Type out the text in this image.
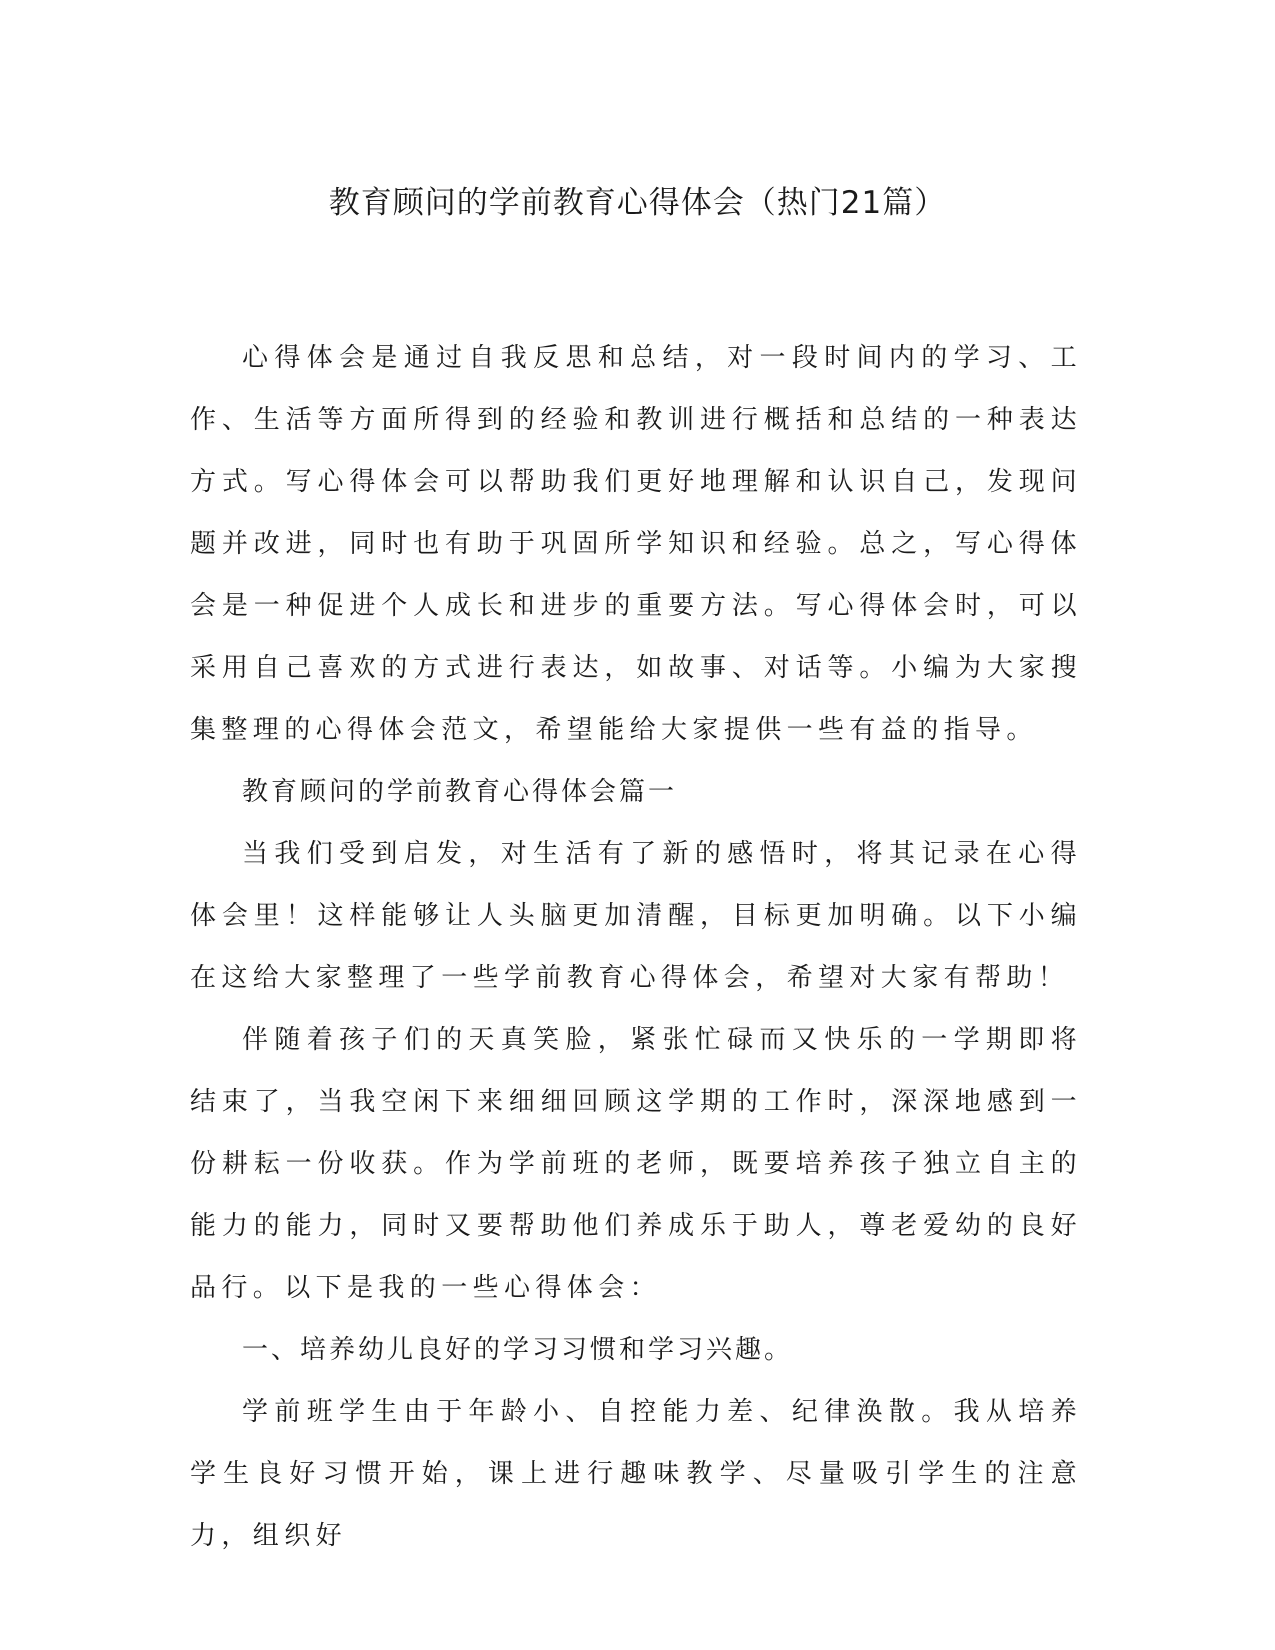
教育顾问的学前教育心得体会（热门21篇）

心得体会是通过自我反思和总结，对一段时间内的学习、工作、生活等方面所得到的经验和教训进行概括和总结的一种表达方式。写心得体会可以帮助我们更好地理解和认识自己，发现问题并改进，同时也有助于巩固所学知识和经验。总之，写心得体会是一种促进个人成长和进步的重要方法。写心得体会时，可以采用自己喜欢的方式进行表达，如故事、对话等。小编为大家搜集整理的心得体会范文，希望能给大家提供一些有益的指导。

教育顾问的学前教育心得体会篇一

当我们受到启发，对生活有了新的感悟时，将其记录在心得体会里！这样能够让人头脑更加清醒，目标更加明确。以下小编在这给大家整理了一些学前教育心得体会，希望对大家有帮助！

伴随着孩子们的天真笑脸，紧张忙碌而又快乐的一学期即将结束了，当我空闲下来细细回顾这学期的工作时，深深地感到一份耕耘一份收获。作为学前班的老师，既要培养孩子独立自主的能力的能力，同时又要帮助他们养成乐于助人，尊老爱幼的良好品行。以下是我的一些心得体会：

一、培养幼儿良好的学习习惯和学习兴趣。

学前班学生由于年龄小、自控能力差、纪律涣散。我从培养学生良好习惯开始，课上进行趣味教学、尽量吸引学生的注意力，组织好
